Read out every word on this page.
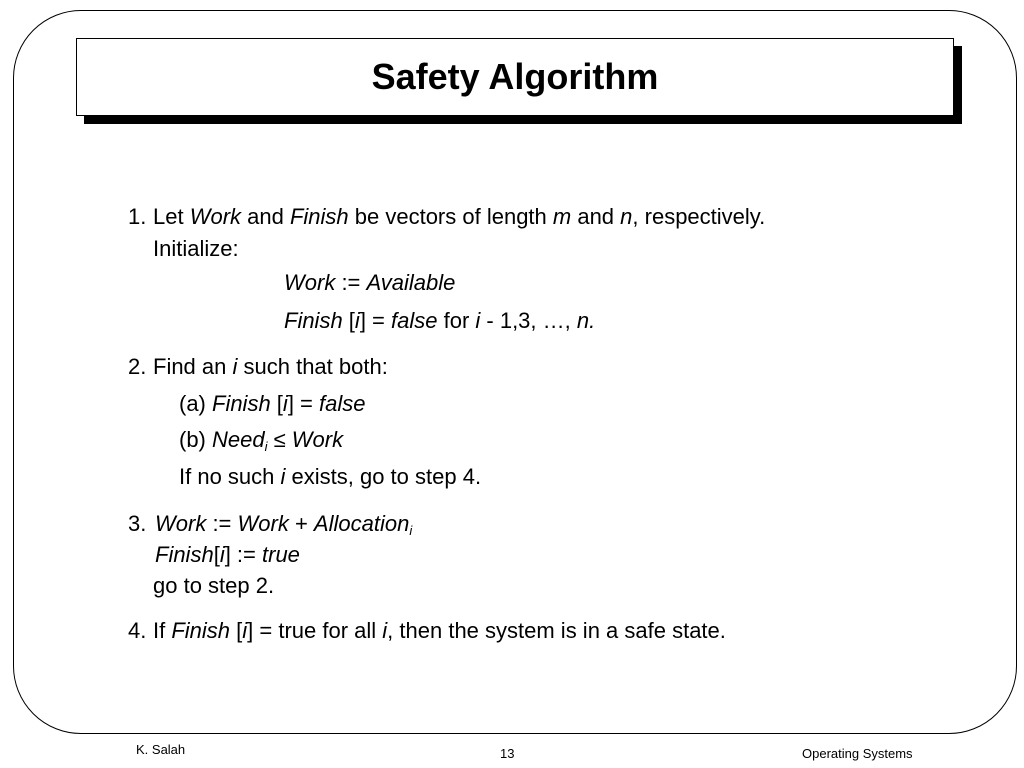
Safety Algorithm
1. Let Work and Finish be vectors of length m and n, respectively.
Initialize:
Work := Available
Finish [i] = false for i - 1,3, …, n.
2. Find an i such that both:
(a) Finish [i] = false
(b) Need$_i$ ≤ Work
If no such i exists, go to step 4.
3. Work := Work + Allocation$_i$
Finish[i] := true
go to step 2.
4. If Finish [i] = true for all i, then the system is in a safe state.
K. Salah	13	Operating Systems
